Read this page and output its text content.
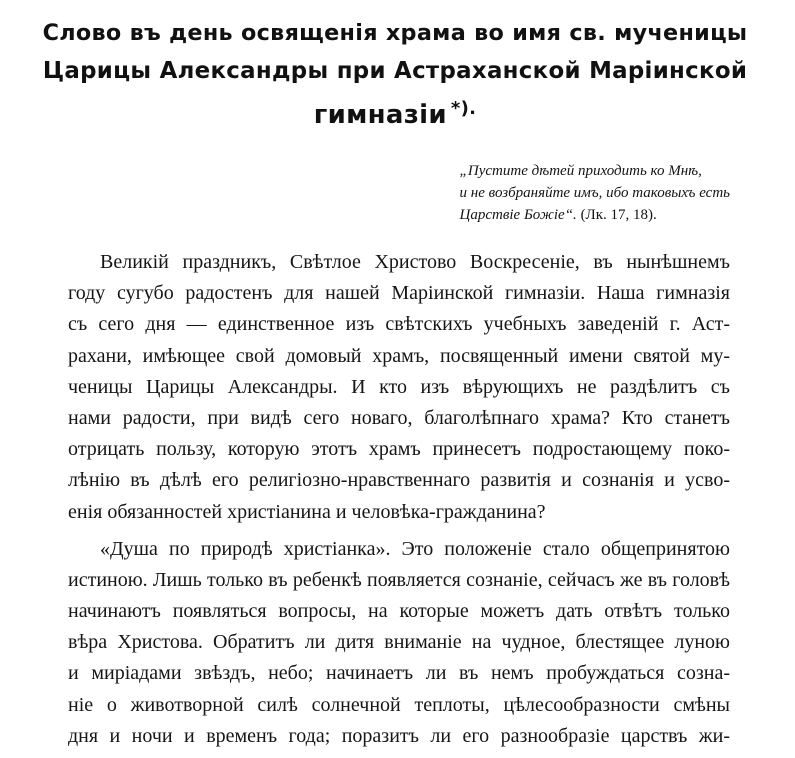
Слово въ день освященія храма во имя св. мученицы
Царицы Александры при Астраханской Маріинской
гимназіи *).
„Пустите дѣтей приходить ко Мнѣ,
и не возбраняйте имъ, ибо таковыхъ есть
Царствіе Божіе“. (Лк. 17, 18).
Великій праздникъ, Свѣтлое Христово Воскресеніе, въ нынѣшнемъ
году сугубо радостенъ для нашей Маріинской гимназіи. Наша гимназія
съ сего дня — единственное изъ свѣтскихъ учебныхъ заведеній г. Аст-
рахани, имѣющее свой домовый храмъ, посвященный имени святой му-
ченицы Царицы Александры. И кто изъ вѣрующихъ не раздѣлитъ съ
нами радости, при видѣ сего новаго, благолѣпнаго храма? Кто станетъ
отрицать пользу, которую этотъ храмъ принесетъ подростающему поко-
лѣнію въ дѣлѣ его религіозно-нравственнаго развитія и сознанія и усво-
енія обязанностей христіанина и человѣка-гражданина?
«Душа по природѣ христіанка». Это положеніе стало общепринятою
истиною. Лишь только въ ребенкѣ появляется сознаніе, сейчасъ же въ головѣ
начинаютъ появляться вопросы, на которые можетъ дать отвѣтъ только
вѣра Христова. Обратитъ ли дитя вниманіе на чудное, блестящее луною
и миріадами звѣздъ, небо; начинаетъ ли въ немъ пробуждаться созна-
ніе о животворной силѣ солнечной теплоты, цѣлесообразности смѣны
дня и ночи и временъ года; поразитъ ли его разнообразіе царствъ жи-
